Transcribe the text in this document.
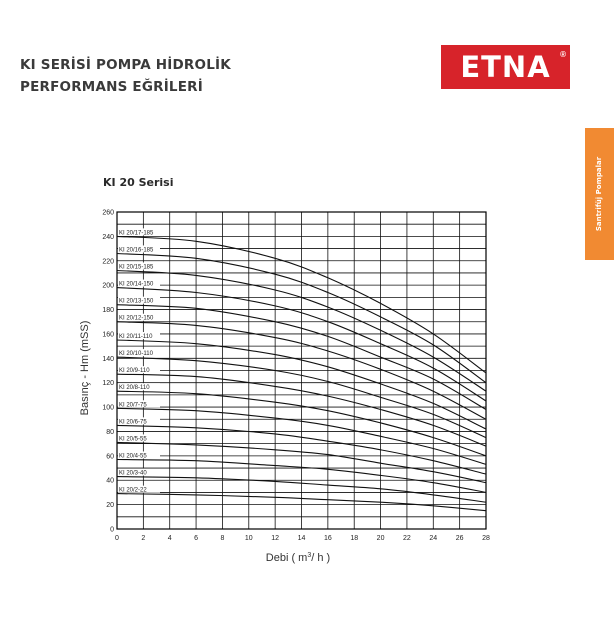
KI SERİSİ POMPA HİDROLİK
PERFORMANS EĞRİLERİ
ETNA ®
Santrifüj Pompalar
KI 20 Serisi
KI 20/17-185
KI 20/16-185
KI 20/15-185
KI 20/14-150
KI 20/13-150
KI 20/12-150
KI 20/11-110
KI 20/10-110
KI 20/9-110
KI 20/8-110
KI 20/7-75
KI 20/6-75
KI 20/5-55
KI 20/4-55
KI 20/3-40
KI 20/2-22
0	2	4	6	8	10	12	14	16	18	20	22	24	26	28
0
20
40
60
80
100
120
140
160
180
200
220
240
260
Basınç - Hm (mSS)
Debi ( $m^3/$ h )
